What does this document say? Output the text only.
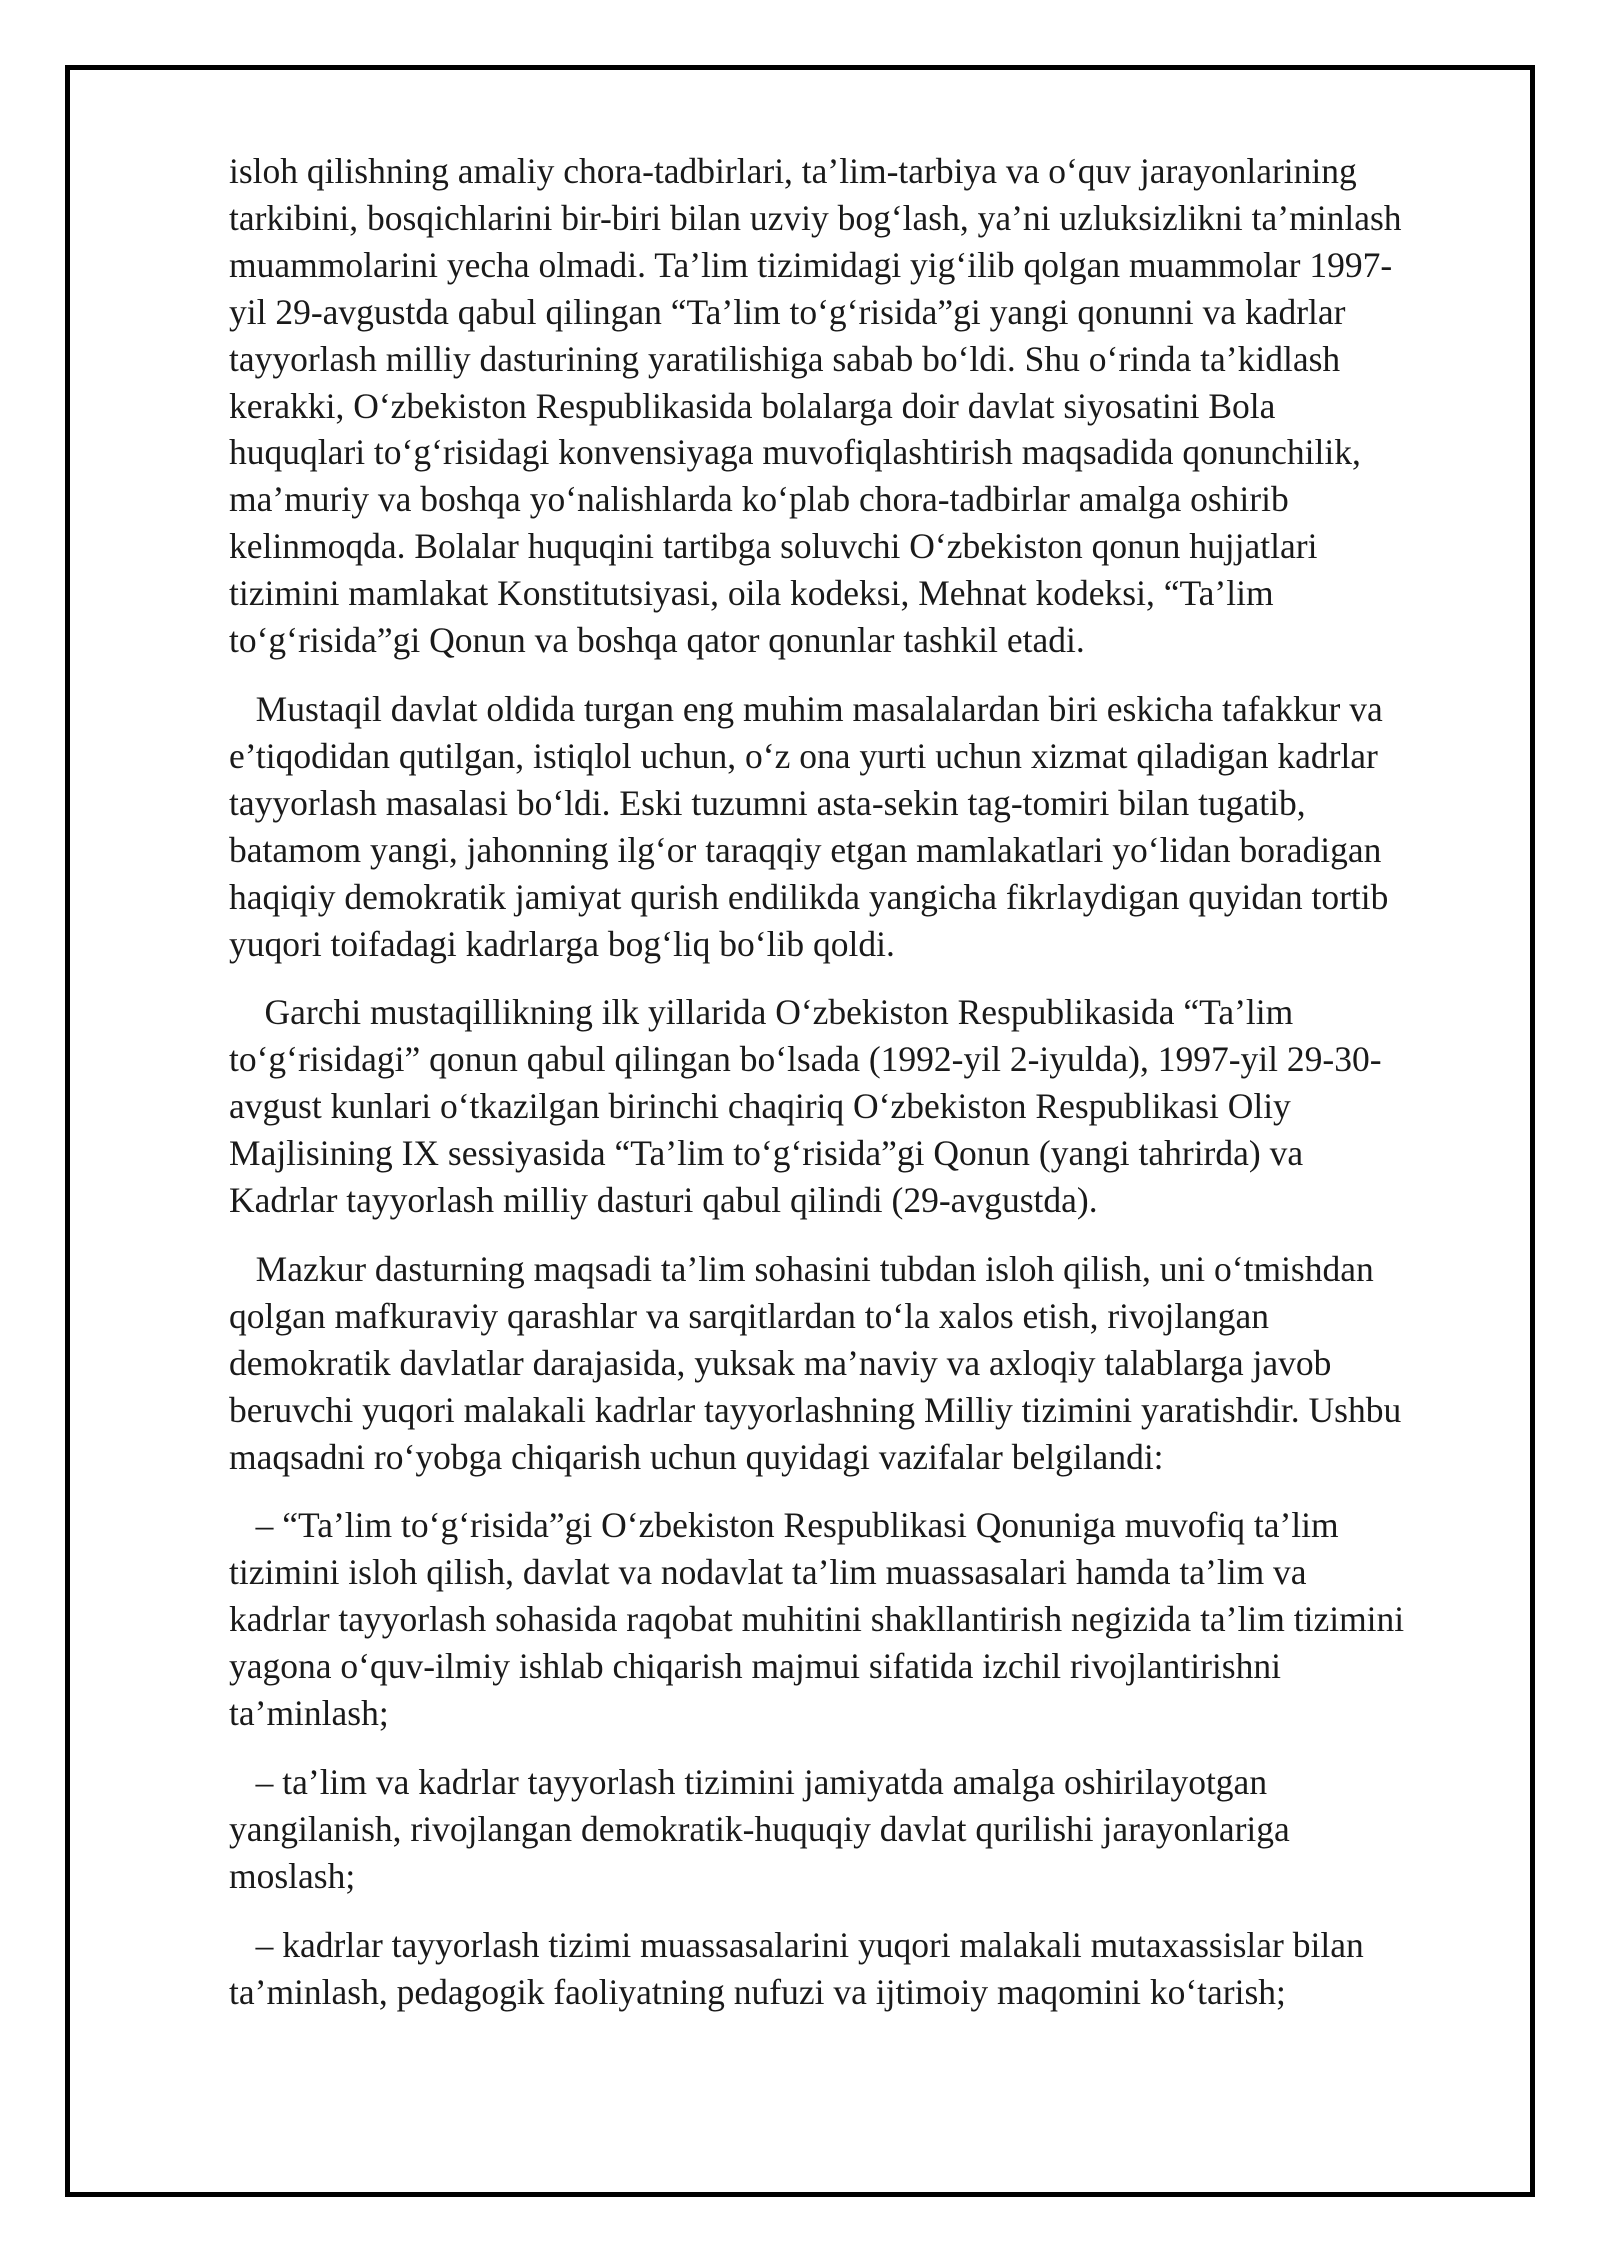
isloh qilishning amaliy chora-tadbirlari, ta’lim-tarbiya va o‘quv jarayonlarining
tarkibini, bosqichlarini bir-biri bilan uzviy bog‘lash, ya’ni uzluksizlikni ta’minlash
muammolarini yecha olmadi. Ta’lim tizimidagi yig‘ilib qolgan muammolar 1997-
yil 29-avgustda qabul qilingan “Ta’lim to‘g‘risida”gi yangi qonunni va kadrlar
tayyorlash milliy dasturining yaratilishiga sabab bo‘ldi. Shu o‘rinda ta’kidlash
kerakki, O‘zbekiston Respublikasida bolalarga doir davlat siyosatini Bola
huquqlari to‘g‘risidagi konvensiyaga muvofiqlashtirish maqsadida qonunchilik,
ma’muriy va boshqa yo‘nalishlarda ko‘plab chora-tadbirlar amalga oshirib
kelinmoqda. Bolalar huquqini tartibga soluvchi O‘zbekiston qonun hujjatlari
tizimini mamlakat Konstitutsiyasi, oila kodeksi, Mehnat kodeksi, “Ta’lim
to‘g‘risida”gi Qonun va boshqa qator qonunlar tashkil etadi.
Mustaqil davlat oldida turgan eng muhim masalalardan biri eskicha tafakkur va
e’tiqodidan qutilgan, istiqlol uchun, o‘z ona yurti uchun xizmat qiladigan kadrlar
tayyorlash masalasi bo‘ldi. Eski tuzumni asta-sekin tag-tomiri bilan tugatib,
batamom yangi, jahonning ilg‘or taraqqiy etgan mamlakatlari yo‘lidan boradigan
haqiqiy demokratik jamiyat qurish endilikda yangicha fikrlaydigan quyidan tortib
yuqori toifadagi kadrlarga bog‘liq bo‘lib qoldi.
Garchi mustaqillikning ilk yillarida O‘zbekiston Respublikasida “Ta’lim
to‘g‘risidagi” qonun qabul qilingan bo‘lsada (1992-yil 2-iyulda), 1997-yil 29-30-
avgust kunlari o‘tkazilgan birinchi chaqiriq O‘zbekiston Respublikasi Oliy
Majlisining IX sessiyasida “Ta’lim to‘g‘risida”gi Qonun (yangi tahrirda) va
Kadrlar tayyorlash milliy dasturi qabul qilindi (29-avgustda).
Mazkur dasturning maqsadi ta’lim sohasini tubdan isloh qilish, uni o‘tmishdan
qolgan mafkuraviy qarashlar va sarqitlardan to‘la xalos etish, rivojlangan
demokratik davlatlar darajasida, yuksak ma’naviy va axloqiy talablarga javob
beruvchi yuqori malakali kadrlar tayyorlashning Milliy tizimini yaratishdir. Ushbu
maqsadni ro‘yobga chiqarish uchun quyidagi vazifalar belgilandi:
– “Ta’lim to‘g‘risida”gi O‘zbekiston Respublikasi Qonuniga muvofiq ta’lim
tizimini isloh qilish, davlat va nodavlat ta’lim muassasalari hamda ta’lim va
kadrlar tayyorlash sohasida raqobat muhitini shakllantirish negizida ta’lim tizimini
yagona o‘quv-ilmiy ishlab chiqarish majmui sifatida izchil rivojlantirishni
ta’minlash;
– ta’lim va kadrlar tayyorlash tizimini jamiyatda amalga oshirilayotgan
yangilanish, rivojlangan demokratik-huquqiy davlat qurilishi jarayonlariga
moslash;
– kadrlar tayyorlash tizimi muassasalarini yuqori malakali mutaxassislar bilan
ta’minlash, pedagogik faoliyatning nufuzi va ijtimoiy maqomini ko‘tarish;
